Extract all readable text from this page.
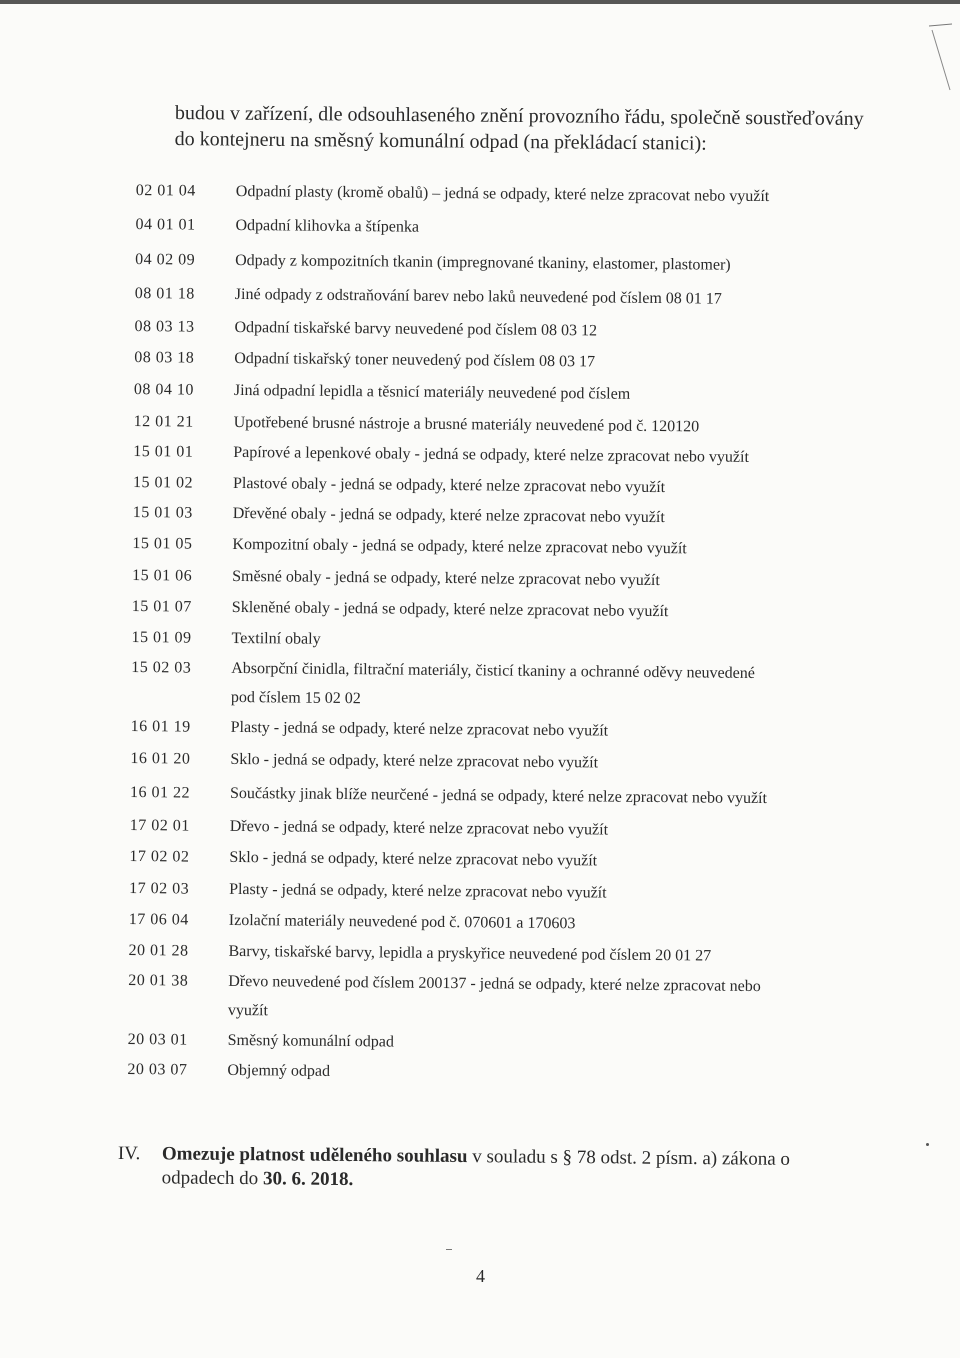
budou v zařízení, dle odsouhlaseného znění provozního řádu, společně soustřeďovány
do kontejneru na směsný komunální odpad (na překládací stanici):
02 01 04	Odpadní plasty (kromě obalů) – jedná se odpady, které nelze zpracovat nebo využít
04 01 01	Odpadní klihovka a štípenka
04 02 09	Odpady z kompozitních tkanin (impregnované tkaniny, elastomer, plastomer)
08 01 18	Jiné odpady z odstraňování barev nebo laků neuvedené pod číslem 08 01 17
08 03 13	Odpadní tiskařské barvy neuvedené pod číslem 08 03 12
08 03 18	Odpadní tiskařský toner neuvedený pod číslem 08 03 17
08 04 10	Jiná odpadní lepidla a těsnicí materiály neuvedené pod číslem
12 01 21	Upotřebené brusné nástroje a brusné materiály neuvedené pod č. 120120
15 01 01	Papírové a lepenkové obaly - jedná se odpady, které nelze zpracovat nebo využít
15 01 02	Plastové obaly - jedná se odpady, které nelze zpracovat nebo využít
15 01 03	Dřevěné obaly - jedná se odpady, které nelze zpracovat nebo využít
15 01 05	Kompozitní obaly - jedná se odpady, které nelze zpracovat nebo využít
15 01 06	Směsné obaly - jedná se odpady, které nelze zpracovat nebo využít
15 01 07	Skleněné obaly - jedná se odpady, které nelze zpracovat nebo využít
15 01 09	Textilní obaly
15 02 03	Absorpční činidla, filtrační materiály, čisticí tkaniny a ochranné oděvy neuvedené
pod číslem 15 02 02
16 01 19	Plasty - jedná se odpady, které nelze zpracovat nebo využít
16 01 20	Sklo - jedná se odpady, které nelze zpracovat nebo využít
16 01 22	Součástky jinak blíže neurčené - jedná se odpady, které nelze zpracovat nebo využít
17 02 01	Dřevo - jedná se odpady, které nelze zpracovat nebo využít
17 02 02	Sklo - jedná se odpady, které nelze zpracovat nebo využít
17 02 03	Plasty - jedná se odpady, které nelze zpracovat nebo využít
17 06 04	Izolační materiály neuvedené pod č. 070601 a 170603
20 01 28	Barvy, tiskařské barvy, lepidla a pryskyřice neuvedené pod číslem 20 01 27
20 01 38	Dřevo neuvedené pod číslem 200137 - jedná se odpady, které nelze zpracovat nebo
využít
20 03 01	Směsný komunální odpad
20 03 07	Objemný odpad
IV. Omezuje platnost uděleného souhlasu v souladu s § 78 odst. 2 písm. a) zákona o
odpadech do 30. 6. 2018.
4
